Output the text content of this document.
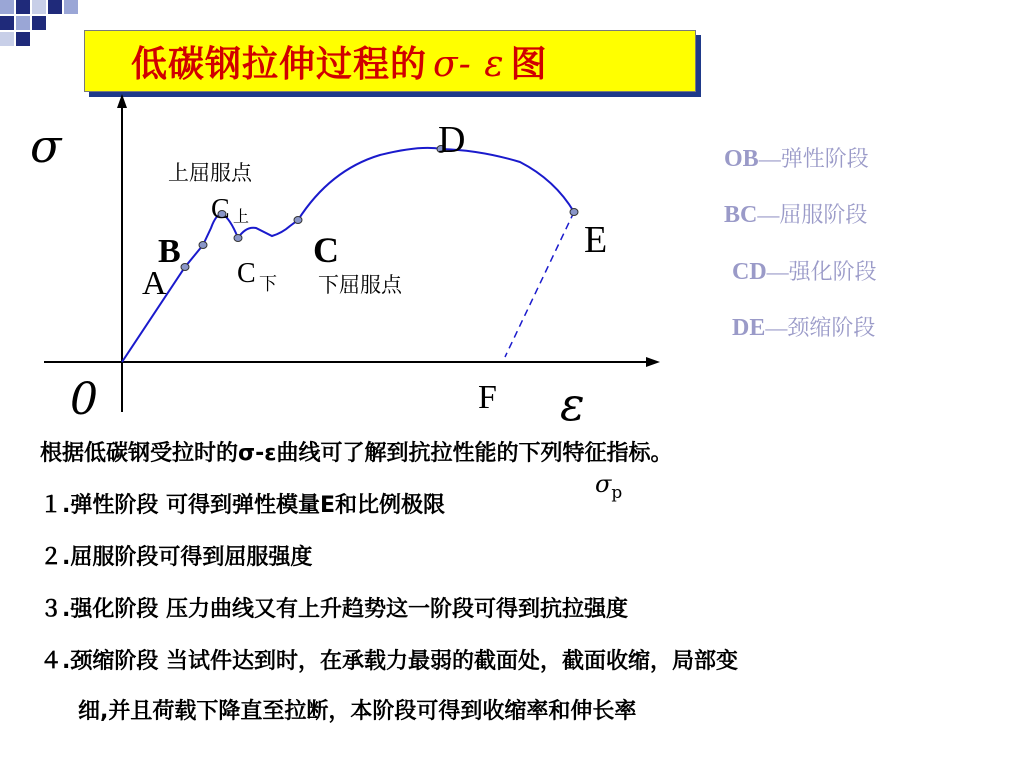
低碳钢拉伸过程的 σ- ε 图
σ
ε
0
A
B
C 上
C 下
C
D
E
F
上屈服点
下屈服点
OB—弹性阶段
BC—屈服阶段
CD—强化阶段
DE—颈缩阶段
根据低碳钢受拉时的σ-ε曲线可了解到抗拉性能的下列特征指标。
１.弹性阶段 可得到弹性模量E和比例极限
２.屈服阶段可得到屈服强度
３.强化阶段 压力曲线又有上升趋势这一阶段可得到抗拉强度
４.颈缩阶段 当试件达到时，在承载力最弱的截面处，截面收缩，局部变
细,并且荷载下降直至拉断，本阶段可得到收缩率和伸长率
$\sigma_p$
